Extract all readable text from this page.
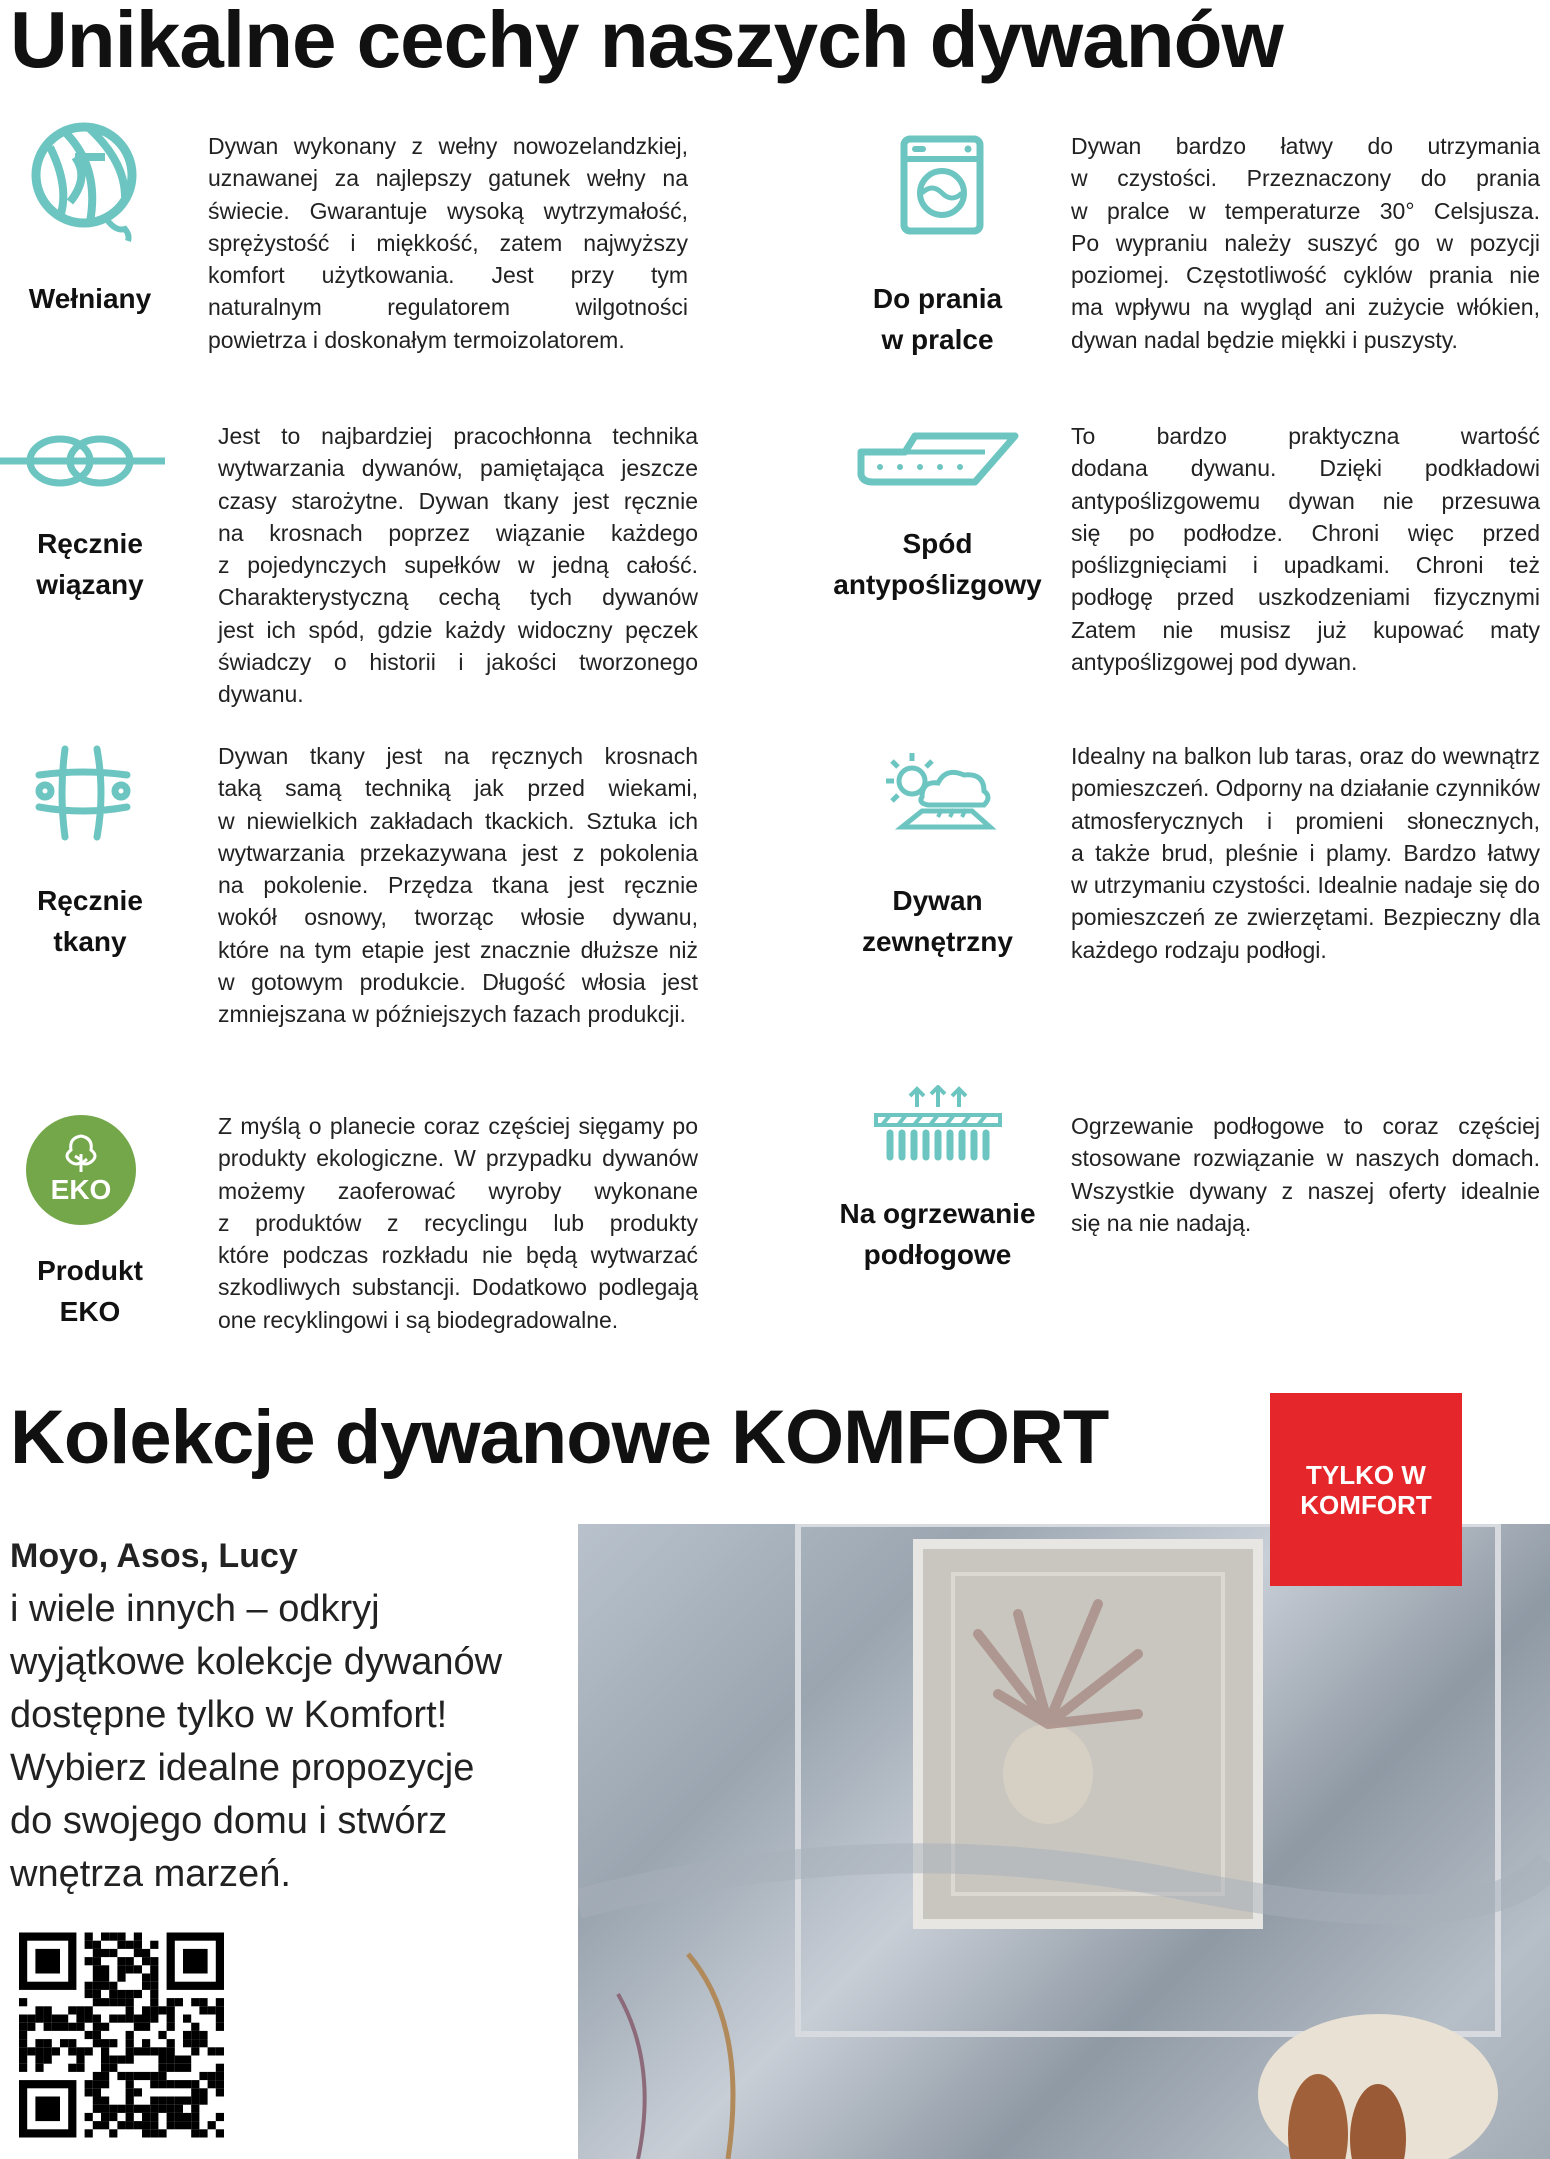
Unikalne cechy naszych dywanów
Wełniany
Dywan wykonany z wełny nowozelandzkiej,
uznawanej za najlepszy gatunek wełny na
świecie. Gwarantuje wysoką wytrzymałość,
sprężystość i miękkość, zatem najwyższy
komfort użytkowania. Jest przy tym
naturalnym regulatorem wilgotności
powietrza i doskonałym termoizolatorem.
Do prania
w pralce
Dywan bardzo łatwy do utrzymania
w czystości. Przeznaczony do prania
w pralce w temperaturze 30° Celsjusza.
Po wypraniu należy suszyć go w pozycji
poziomej. Częstotliwość cyklów prania nie
ma wpływu na wygląd ani zużycie włókien,
dywan nadal będzie miękki i puszysty.
Ręcznie
wiązany
Jest to najbardziej pracochłonna technika
wytwarzania dywanów, pamiętająca jeszcze
czasy starożytne. Dywan tkany jest ręcznie
na krosnach poprzez wiązanie każdego
z pojedynczych supełków w jedną całość.
Charakterystyczną cechą tych dywanów
jest ich spód, gdzie każdy widoczny pęczek
świadczy o historii i jakości tworzonego
dywanu.
Spód
antypoślizgowy
To bardzo praktyczna wartość
dodana dywanu. Dzięki podkładowi
antypoślizgowemu dywan nie przesuwa
się po podłodze. Chroni więc przed
poślizgnięciami i upadkami. Chroni też
podłogę przed uszkodzeniami fizycznymi
Zatem nie musisz już kupować maty
antypoślizgowej pod dywan.
Ręcznie
tkany
Dywan tkany jest na ręcznych krosnach
taką samą techniką jak przed wiekami,
w niewielkich zakładach tkackich. Sztuka ich
wytwarzania przekazywana jest z pokolenia
na pokolenie. Przędza tkana jest ręcznie
wokół osnowy, tworząc włosie dywanu,
które na tym etapie jest znacznie dłuższe niż
w gotowym produkcie. Długość włosia jest
zmniejszana w późniejszych fazach produkcji.
Dywan
zewnętrzny
Idealny na balkon lub taras, oraz do wewnątrz
pomieszczeń. Odporny na działanie czynników
atmosferycznych i promieni słonecznych,
a także brud, pleśnie i plamy. Bardzo łatwy
w utrzymaniu czystości. Idealnie nadaje się do
pomieszczeń ze zwierzętami. Bezpieczny dla
każdego rodzaju podłogi.
EKO
Produkt
EKO
Z myślą o planecie coraz częściej sięgamy po
produkty ekologiczne. W przypadku dywanów
możemy zaoferować wyroby wykonane
z produktów z recyclingu lub produkty
które podczas rozkładu nie będą wytwarzać
szkodliwych substancji. Dodatkowo podlegają
one recyklingowi i są biodegradowalne.
Na ogrzewanie
podłogowe
Ogrzewanie podłogowe to coraz częściej
stosowane rozwiązanie w naszych domach.
Wszystkie dywany z naszej oferty idealnie
się na nie nadają.
Kolekcje dywanowe KOMFORT
Moyo, Asos, Lucy
i wiele innych – odkryj
wyjątkowe kolekcje dywanów
dostępne tylko w Komfort!
Wybierz idealne propozycje
do swojego domu i stwórz
wnętrza marzeń.
TYLKO W
KOMFORT
